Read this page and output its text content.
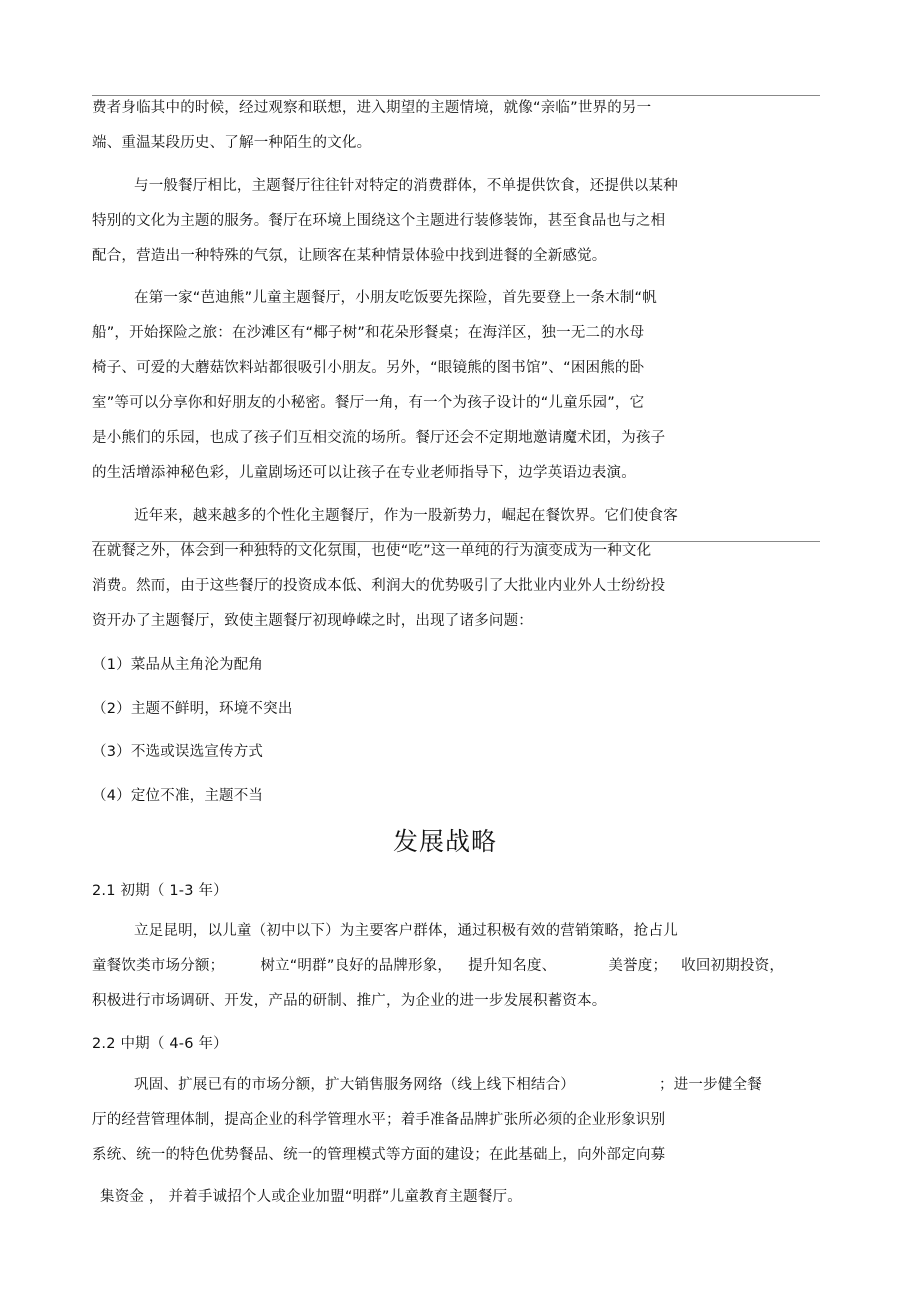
费者身临其中的时候，经过观察和联想，进入期望的主题情境，就像“亲临”世界的另一
端、重温某段历史、了解一种陌生的文化。
与一般餐厅相比，主题餐厅往往针对特定的消费群体，不单提供饮食，还提供以某种
特别的文化为主题的服务。餐厅在环境上围绕这个主题进行装修装饰，甚至食品也与之相
配合，营造出一种特殊的气氛，让顾客在某种情景体验中找到进餐的全新感觉。
在第一家“芭迪熊”儿童主题餐厅，小朋友吃饭要先探险，首先要登上一条木制“帆
船”，开始探险之旅：在沙滩区有“椰子树”和花朵形餐桌；在海洋区，独一无二的水母
椅子、可爱的大蘑菇饮料站都很吸引小朋友。另外，“眼镜熊的图书馆”、“困困熊的卧
室”等可以分享你和好朋友的小秘密。餐厅一角，有一个为孩子设计的“儿童乐园”，它
是小熊们的乐园，也成了孩子们互相交流的场所。餐厅还会不定期地邀请魔术团，为孩子
的生活增添神秘色彩，儿童剧场还可以让孩子在专业老师指导下，边学英语边表演。
近年来，越来越多的个性化主题餐厅，作为一股新势力，崛起在餐饮界。它们使食客
在就餐之外，体会到一种独特的文化氛围，也使“吃”这一单纯的行为演变成为一种文化
消费。然而，由于这些餐厅的投资成本低、利润大的优势吸引了大批业内业外人士纷纷投
资开办了主题餐厅，致使主题餐厅初现峥嵘之时，出现了诸多问题：
（1）菜品从主角沦为配角
（2）主题不鲜明，环境不突出
（3）不选或误选宣传方式
（4）定位不准，主题不当
发展战略
2.1 初期（ 1-3 年）
立足昆明，以儿童（初中以下）为主要客户群体，通过积极有效的营销策略，抢占儿
童餐饮类市场分额； 树立“明群”良好的品牌形象， 提升知名度、	美誉度； 收回初期投资，
积极进行市场调研、开发，产品的研制、推广，为企业的进一步发展积蓄资本。
2.2 中期（ 4-6 年）
巩固、扩展已有的市场分额，扩大销售服务网络（线上线下相结合）	；进一步健全餐
厅的经营管理体制，提高企业的科学管理水平；着手准备品牌扩张所必须的企业形象识别
系统、统一的特色优势餐品、统一的管理模式等方面的建设；在此基础上，向外部定向募
集资金 ， 并着手诚招个人或企业加盟“明群”儿童教育主题餐厅。
